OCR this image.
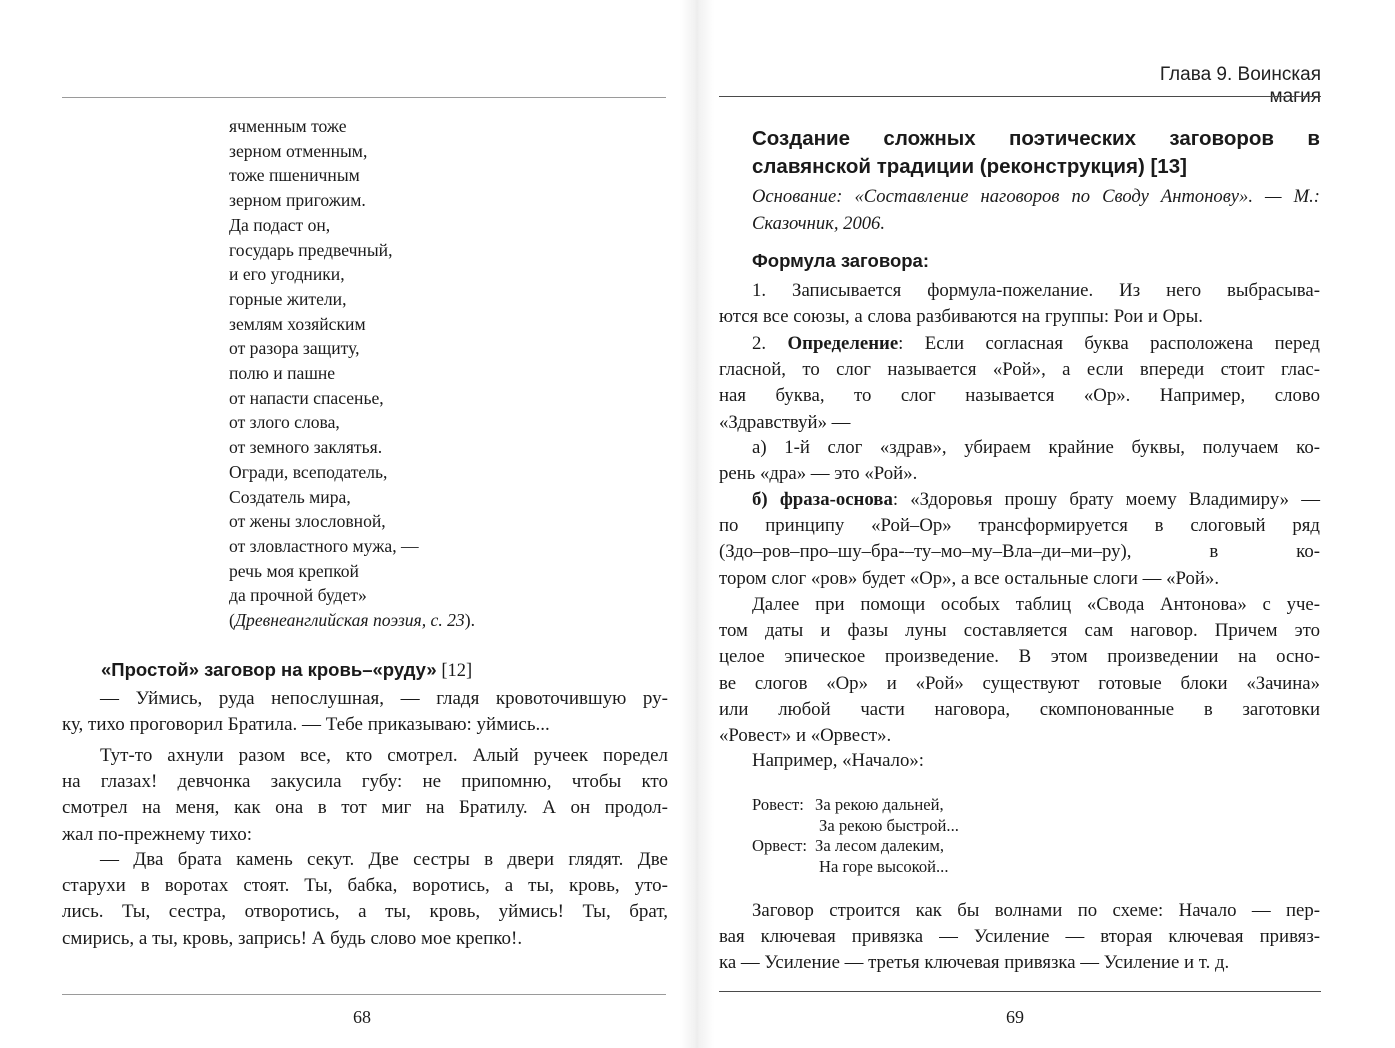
ячменным тоже
зерном отменным,
тоже пшеничным
зерном пригожим.
Да подаст он,
государь предвечный,
и его угодники,
горные жители,
землям хозяйским
от разора защиту,
полю и пашне
от напасти спасенье,
от злого слова,
от земного заклятья.
Огради, всеподатель,
Создатель мира,
от жены злословной,
от зловластного мужа, —
речь моя крепкой
да прочной будет»
(Древнеанглийская поэзия, с. 23).
«Простой» заговор на кровь–«руду» [12]
— Уймись, руда непослушная, — гладя кровоточившую ру-
ку, тихо проговорил Братила. — Тебе приказываю: уймись...
Тут-то ахнули разом все, кто смотрел. Алый ручеек поредел
на глазах! девчонка закусила губу: не припомню, чтобы кто
смотрел на меня, как она в тот миг на Братилу. А он продол-
жал по-прежнему тихо:
— Два брата камень секут. Две сестры в двери глядят. Две
старухи в воротах стоят. Ты, бабка, воротись, а ты, кровь, уто-
лись. Ты, сестра, отворотись, а ты, кровь, уймись! Ты, брат,
смирись, а ты, кровь, запрись! А будь слово мое крепко!.
68
Глава 9. Воинская магия
Создание сложных поэтических заговоров в
славянской традиции (реконструкция) [13]
Основание: «Составление наговоров по Своду Антонову». — М.:
Сказочник, 2006.
Формула заговора:
1. Записывается формула-пожелание. Из него выбрасыва-
ются все союзы, а слова разбиваются на группы: Рои и Оры.
2. Определение: Если согласная буква расположена перед
гласной, то слог называется «Рой», а если впереди стоит глас-
ная буква, то слог называется «Ор». Например, слово
«Здравствуй» —
а) 1-й слог «здрав», убираем крайние буквы, получаем ко-
рень «дра» — это «Рой».
б) фраза-основа: «Здоровья прошу брату моему Владимиру» —
по принципу «Рой–Ор» трансформируется в слоговый ряд
(Здо–ров–про–шу–бра-–ту–мо–му–Вла–ди–ми–ру), в ко-
тором слог «ров» будет «Ор», а все остальные слоги — «Рой».
Далее при помощи особых таблиц «Свода Антонова» с уче-
том даты и фазы луны составляется сам наговор. Причем это
целое эпическое произведение. В этом произведении на осно-
ве слогов «Ор» и «Рой» существуют готовые блоки «Зачина»
или любой части наговора, скомпонованные в заготовки
«Ровест» и «Орвест».
Например, «Начало»:
Ровест: За рекою дальней,
За рекою быстрой...
Орвест: За лесом далеким,
На горе высокой...
Заговор строится как бы волнами по схеме: Начало — пер-
вая ключевая привязка — Усиление — вторая ключевая привяз-
ка — Усиление — третья ключевая привязка — Усиление и т. д.
69
